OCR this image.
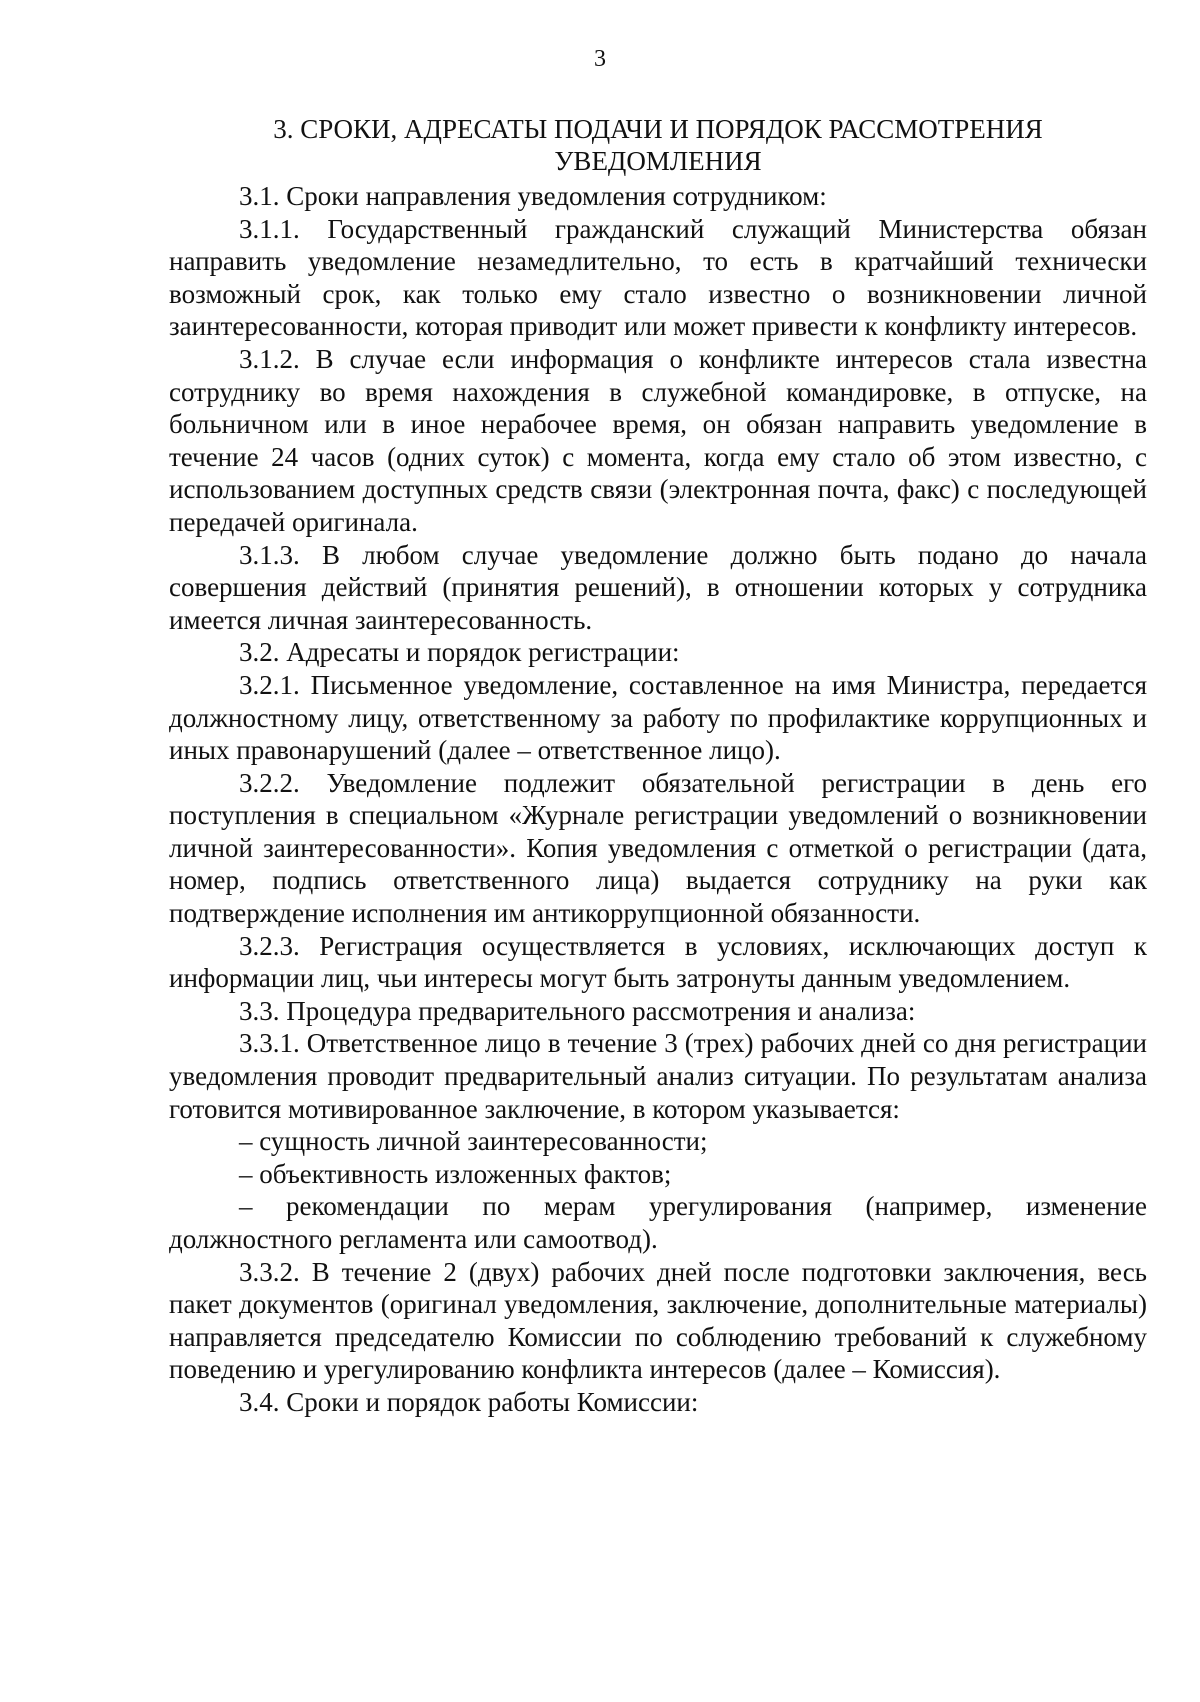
3
3. СРОКИ, АДРЕСАТЫ ПОДАЧИ И ПОРЯДОК РАССМОТРЕНИЯ
УВЕДОМЛЕНИЯ

3.1. Сроки направления уведомления сотрудником:

3.1.1. Государственный гражданский служащий Министерства обязан направить уведомление незамедлительно, то есть в кратчайший технически возможный срок, как только ему стало известно о возникновении личной заинтересованности, которая приводит или может привести к конфликту интересов.

3.1.2. В случае если информация о конфликте интересов стала известна сотруднику во время нахождения в служебной командировке, в отпуске, на больничном или в иное нерабочее время, он обязан направить уведомление в течение 24 часов (одних суток) с момента, когда ему стало об этом известно, с использованием доступных средств связи (электронная почта, факс) с последующей передачей оригинала.

3.1.3. В любом случае уведомление должно быть подано до начала совершения действий (принятия решений), в отношении которых у сотрудника имеется личная заинтересованность.

3.2. Адресаты и порядок регистрации:

3.2.1. Письменное уведомление, составленное на имя Министра, передается должностному лицу, ответственному за работу по профилактике коррупционных и иных правонарушений (далее – ответственное лицо).

3.2.2. Уведомление подлежит обязательной регистрации в день его поступления в специальном «Журнале регистрации уведомлений о возникновении личной заинтересованности». Копия уведомления с отметкой о регистрации (дата, номер, подпись ответственного лица) выдается сотруднику на руки как подтверждение исполнения им антикоррупционной обязанности.

3.2.3. Регистрация осуществляется в условиях, исключающих доступ к информации лиц, чьи интересы могут быть затронуты данным уведомлением.

3.3. Процедура предварительного рассмотрения и анализа:

3.3.1. Ответственное лицо в течение 3 (трех) рабочих дней со дня регистрации уведомления проводит предварительный анализ ситуации. По результатам анализа готовится мотивированное заключение, в котором указывается:

– сущность личной заинтересованности;

– объективность изложенных фактов;

– рекомендации по мерам урегулирования (например, изменение должностного регламента или самоотвод).

3.3.2. В течение 2 (двух) рабочих дней после подготовки заключения, весь пакет документов (оригинал уведомления, заключение, дополнительные материалы) направляется председателю Комиссии по соблюдению требований к служебному поведению и урегулированию конфликта интересов (далее – Комиссия).

3.4. Сроки и порядок работы Комиссии:
